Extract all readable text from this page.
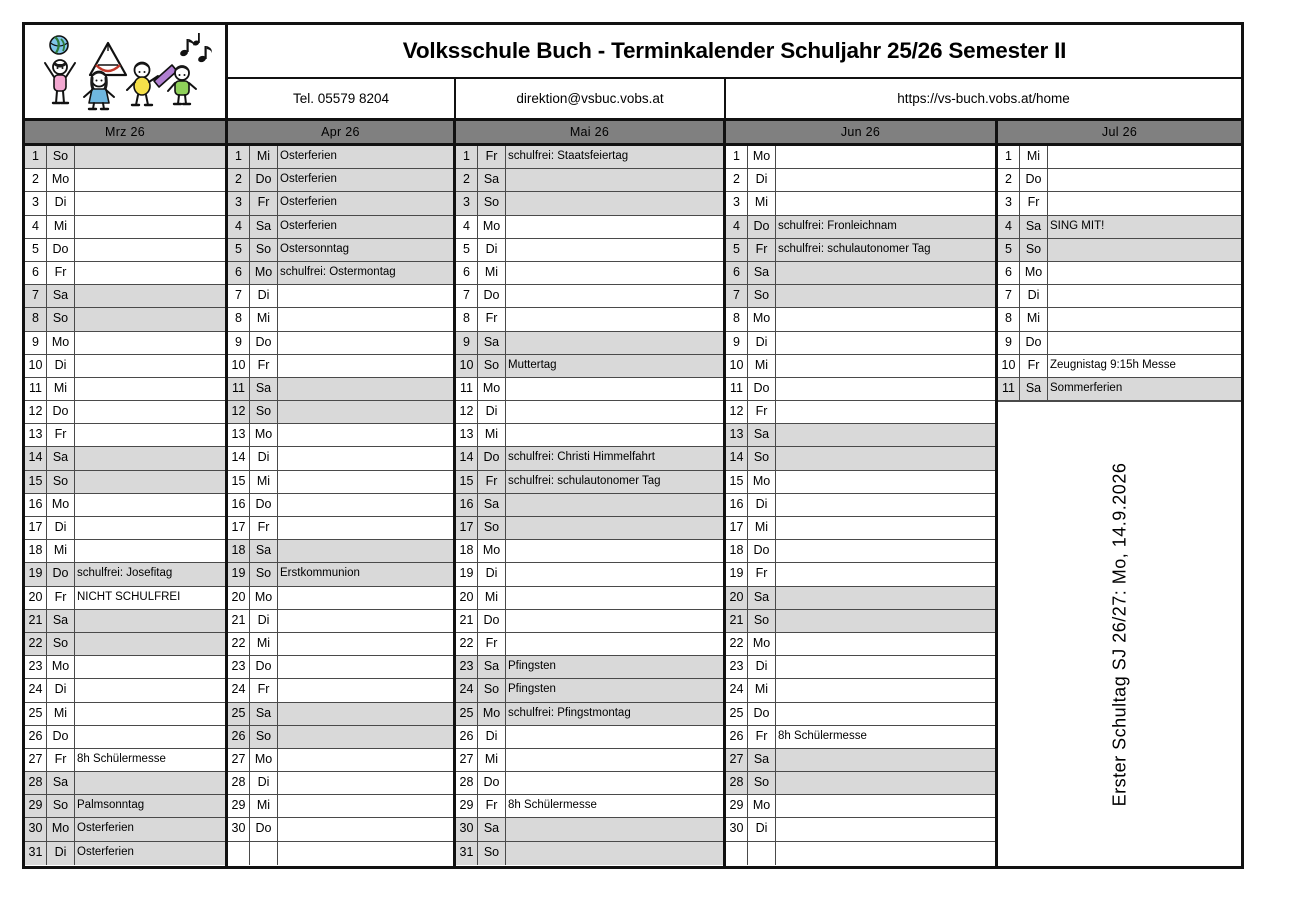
Volksschule Buch - Terminkalender Schuljahr 25/26 Semester II
Tel. 05579 8204	direktion@vsbuc.vobs.at	https://vs-buch.vobs.at/home
Mrz 26	Apr 26	Mai 26	Jun 26	Jul 26
1	So
2	Mo
3	Di
4	Mi
5	Do
6	Fr
7	Sa
8	So
9	Mo
10 Di
11 Mi
12 Do
13 Fr
14 Sa
15 So
16 Mo
17 Di
18 Mi
19 Do schulfrei: Josefitag
20 Fr NICHT SCHULFREI
21 Sa
22 So
23 Mo
24 Di
25 Mi
26 Do
27 Fr 8h Schülermesse
28 Sa
29 So Palmsonntag
30 Mo Osterferien
31 Di Osterferien
1	Mi Osterferien
2	Do Osterferien
3	Fr Osterferien
4	Sa Osterferien
5	So Ostersonntag
6	Mo schulfrei: Ostermontag
7	Di
8	Mi
9	Do
10 Fr
11 Sa
12 So
13 Mo
14 Di
15 Mi
16 Do
17 Fr
18 Sa
19 So Erstkommunion
20 Mo
21 Di
22 Mi
23 Do
24 Fr
25 Sa
26 So
27 Mo
28 Di
29 Mi
30 Do
1	Fr schulfrei: Staatsfeiertag
2	Sa
3	So
4	Mo
5	Di
6	Mi
7	Do
8	Fr
9	Sa
10 So Muttertag
11 Mo
12 Di
13 Mi
14 Do schulfrei: Christi Himmelfahrt
15 Fr schulfrei: schulautonomer Tag
16 Sa
17 So
18 Mo
19 Di
20 Mi
21 Do
22 Fr
23 Sa Pfingsten
24 So Pfingsten
25 Mo schulfrei: Pfingstmontag
26 Di
27 Mi
28 Do
29 Fr 8h Schülermesse
30 Sa
31 So
1	Mo
2	Di
3	Mi
4	Do schulfrei: Fronleichnam
5	Fr schulfrei: schulautonomer Tag
6	Sa
7	So
8	Mo
9	Di
10 Mi
11 Do
12 Fr
13 Sa
14 So
15 Mo
16 Di
17 Mi
18 Do
19 Fr
20 Sa
21 So
22 Mo
23 Di
24 Mi
25 Do
26 Fr 8h Schülermesse
27 Sa
28 So
29 Mo
30 Di
1	Mi
2	Do
3	Fr
4	Sa SING MIT!
5	So
6	Mo
7	Di
8	Mi
9	Do
10 Fr Zeugnistag 9:15h Messe
11 Sa Sommerferien
Erster Schultag SJ 26/27: Mo, 14.9.2026
